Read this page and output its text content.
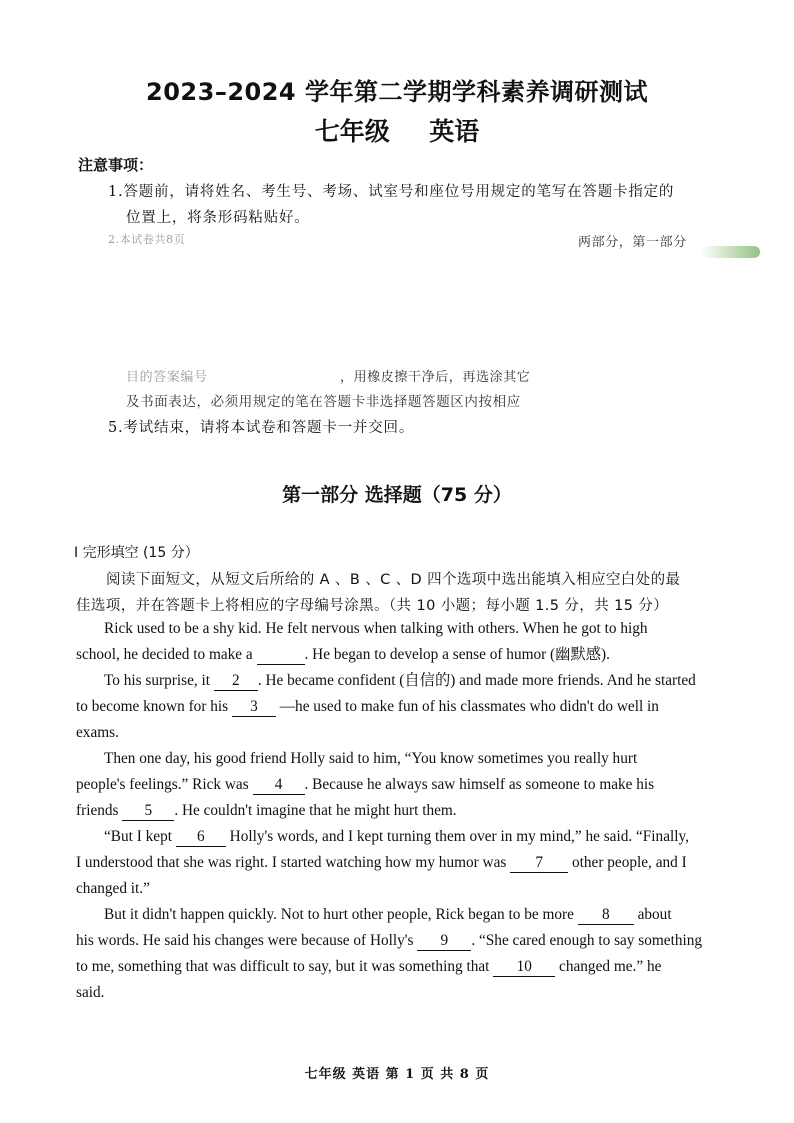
2023–2024 学年第二学期学科素养调研测试

七年级 英语

注意事项：

1.答题前，请将姓名、考生号、考场、试室号和座位号用规定的笔写在答题卡指定的

位置上，将条形码粘贴好。

2.本试卷共8页	两部分，第一部分

目的答案编号	，用橡皮擦干净后，再选涂其它

及书面表达，必须用规定的笔在答题卡非选择题答题区内按相应

5.考试结束，请将本试卷和答题卡一并交回。

第一部分 选择题（75 分）

I 完形填空 (15 分）

阅读下面短文，从短文后所给的 A 、B 、C 、D 四个选项中选出能填入相应空白处的最

佳选项，并在答题卡上将相应的字母编号涂黑。（共 10 小题；每小题 1.5 分，共 15 分）

Rick used to be a shy kid. He felt nervous when talking with others. When he got to high

school, he decided to make a	. He began to develop a sense of humor (幽默感).

To his surprise, it 2 . He became confident (自信的) and made more friends. And he started

to become known for his 3 —he used to make fun of his classmates who didn't do well in

exams.

Then one day, his good friend Holly said to him, “You know sometimes you really hurt

people's feelings.” Rick was 4 . Because he always saw himself as someone to make his

friends 5 . He couldn't imagine that he might hurt them.

“But I kept 6 Holly's words, and I kept turning them over in my mind,” he said. “Finally,

I understood that she was right. I started watching how my humor was 7 other people, and I

changed it.”

But it didn't happen quickly. Not to hurt other people, Rick began to be more 8 about

his words. He said his changes were because of Holly's 9 . “She cared enough to say something

to me, something that was difficult to say, but it was something that 10 changed me.” he

said.

七年级 英语 第 1 页 共 8 页
